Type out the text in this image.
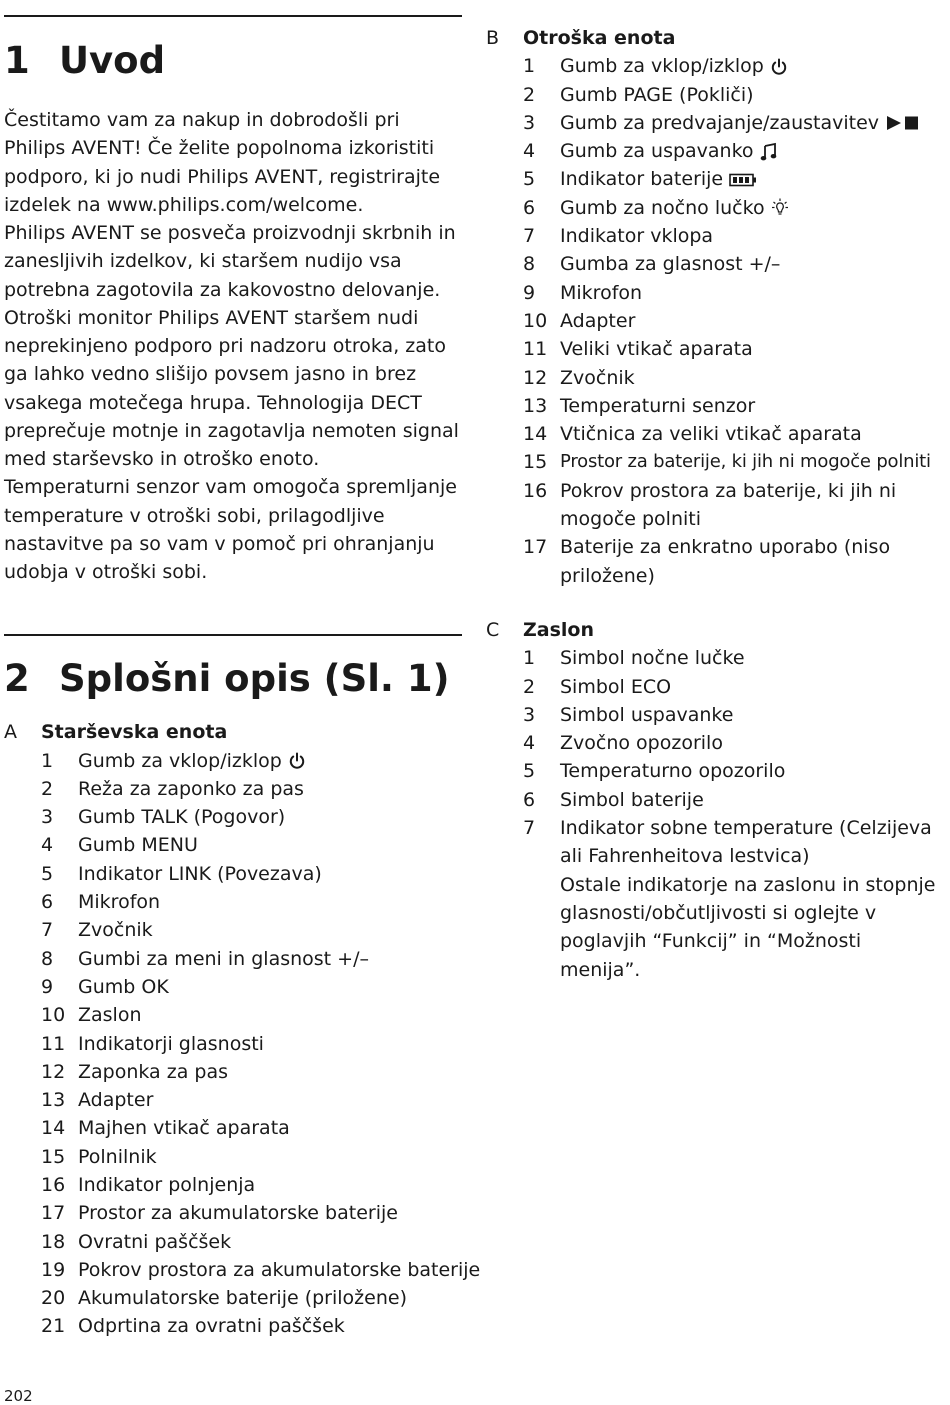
1 Uvod

Čestitamo vam za nakup in dobrodošli pri Philips AVENT! Če želite popolnoma izkoristiti podporo, ki jo nudi Philips AVENT, registrirajte izdelek na www.philips.com/welcome.

Philips AVENT se posveča proizvodnji skrbnih in zanesljivih izdelkov, ki staršem nudijo vsa potrebna zagotovila za kakovostno delovanje. Otroški monitor Philips AVENT staršem nudi neprekinjeno podporo pri nadzoru otroka, zato ga lahko vedno slišijo povsem jasno in brez vsakega motečega hrupa. Tehnologija DECT preprečuje motnje in zagotavlja nemoten signal med starševsko in otroško enoto.

Temperaturni senzor vam omogoča spremljanje temperature v otroški sobi, prilagodljive nastavitve pa so vam v pomoč pri ohranjanju udobja v otroški sobi.

2 Splošni opis (Sl. 1)
A	Starševska enota
1	Gumb za vklop/izklop
2	Reža za zaponko za pas
3	Gumb TALK (Pogovor)
4	Gumb MENU
5	Indikator LINK (Povezava)
6	Mikrofon
7	Zvočnik
8	Gumbi za meni in glasnost +/–
9	Gumb OK
10 Zaslon
11 Indikatorji glasnosti
12 Zaponka za pas
13 Adapter
14 Majhen vtikač aparata
15 Polnilnik
16 Indikator polnjenja
17 Prostor za akumulatorske baterije
18 Ovratni paščšek
19 Pokrov prostora za akumulatorske baterije
20 Akumulatorske baterije (priložene)
21 Odprtina za ovratni paščšek
B	Otroška enota
1	Gumb za vklop/izklop
2	Gumb PAGE (Pokliči)
3	Gumb za predvajanje/zaustavitev
4	Gumb za uspavanko
5	Indikator baterije
6	Gumb za nočno lučko
7	Indikator vklopa
8	Gumba za glasnost +/–
9	Mikrofon
10 Adapter
11 Veliki vtikač aparata
12 Zvočnik
13 Temperaturni senzor
14 Vtičnica za veliki vtikač aparata
15 Prostor za baterije, ki jih ni mogoče polniti
16 Pokrov prostora za baterije, ki jih ni mogoče polniti
17 Baterije za enkratno uporabo (niso priložene)
C	Zaslon
1	Simbol nočne lučke
2	Simbol ECO
3	Simbol uspavanke
4	Zvočno opozorilo
5	Temperaturno opozorilo
6	Simbol baterije
7	Indikator sobne temperature (Celzijeva ali Fahrenheitova lestvica)
Ostale indikatorje na zaslonu in stopnje glasnosti/občutljivosti si oglejte v poglavjih “Funkcij” in “Možnosti menija”.
202
